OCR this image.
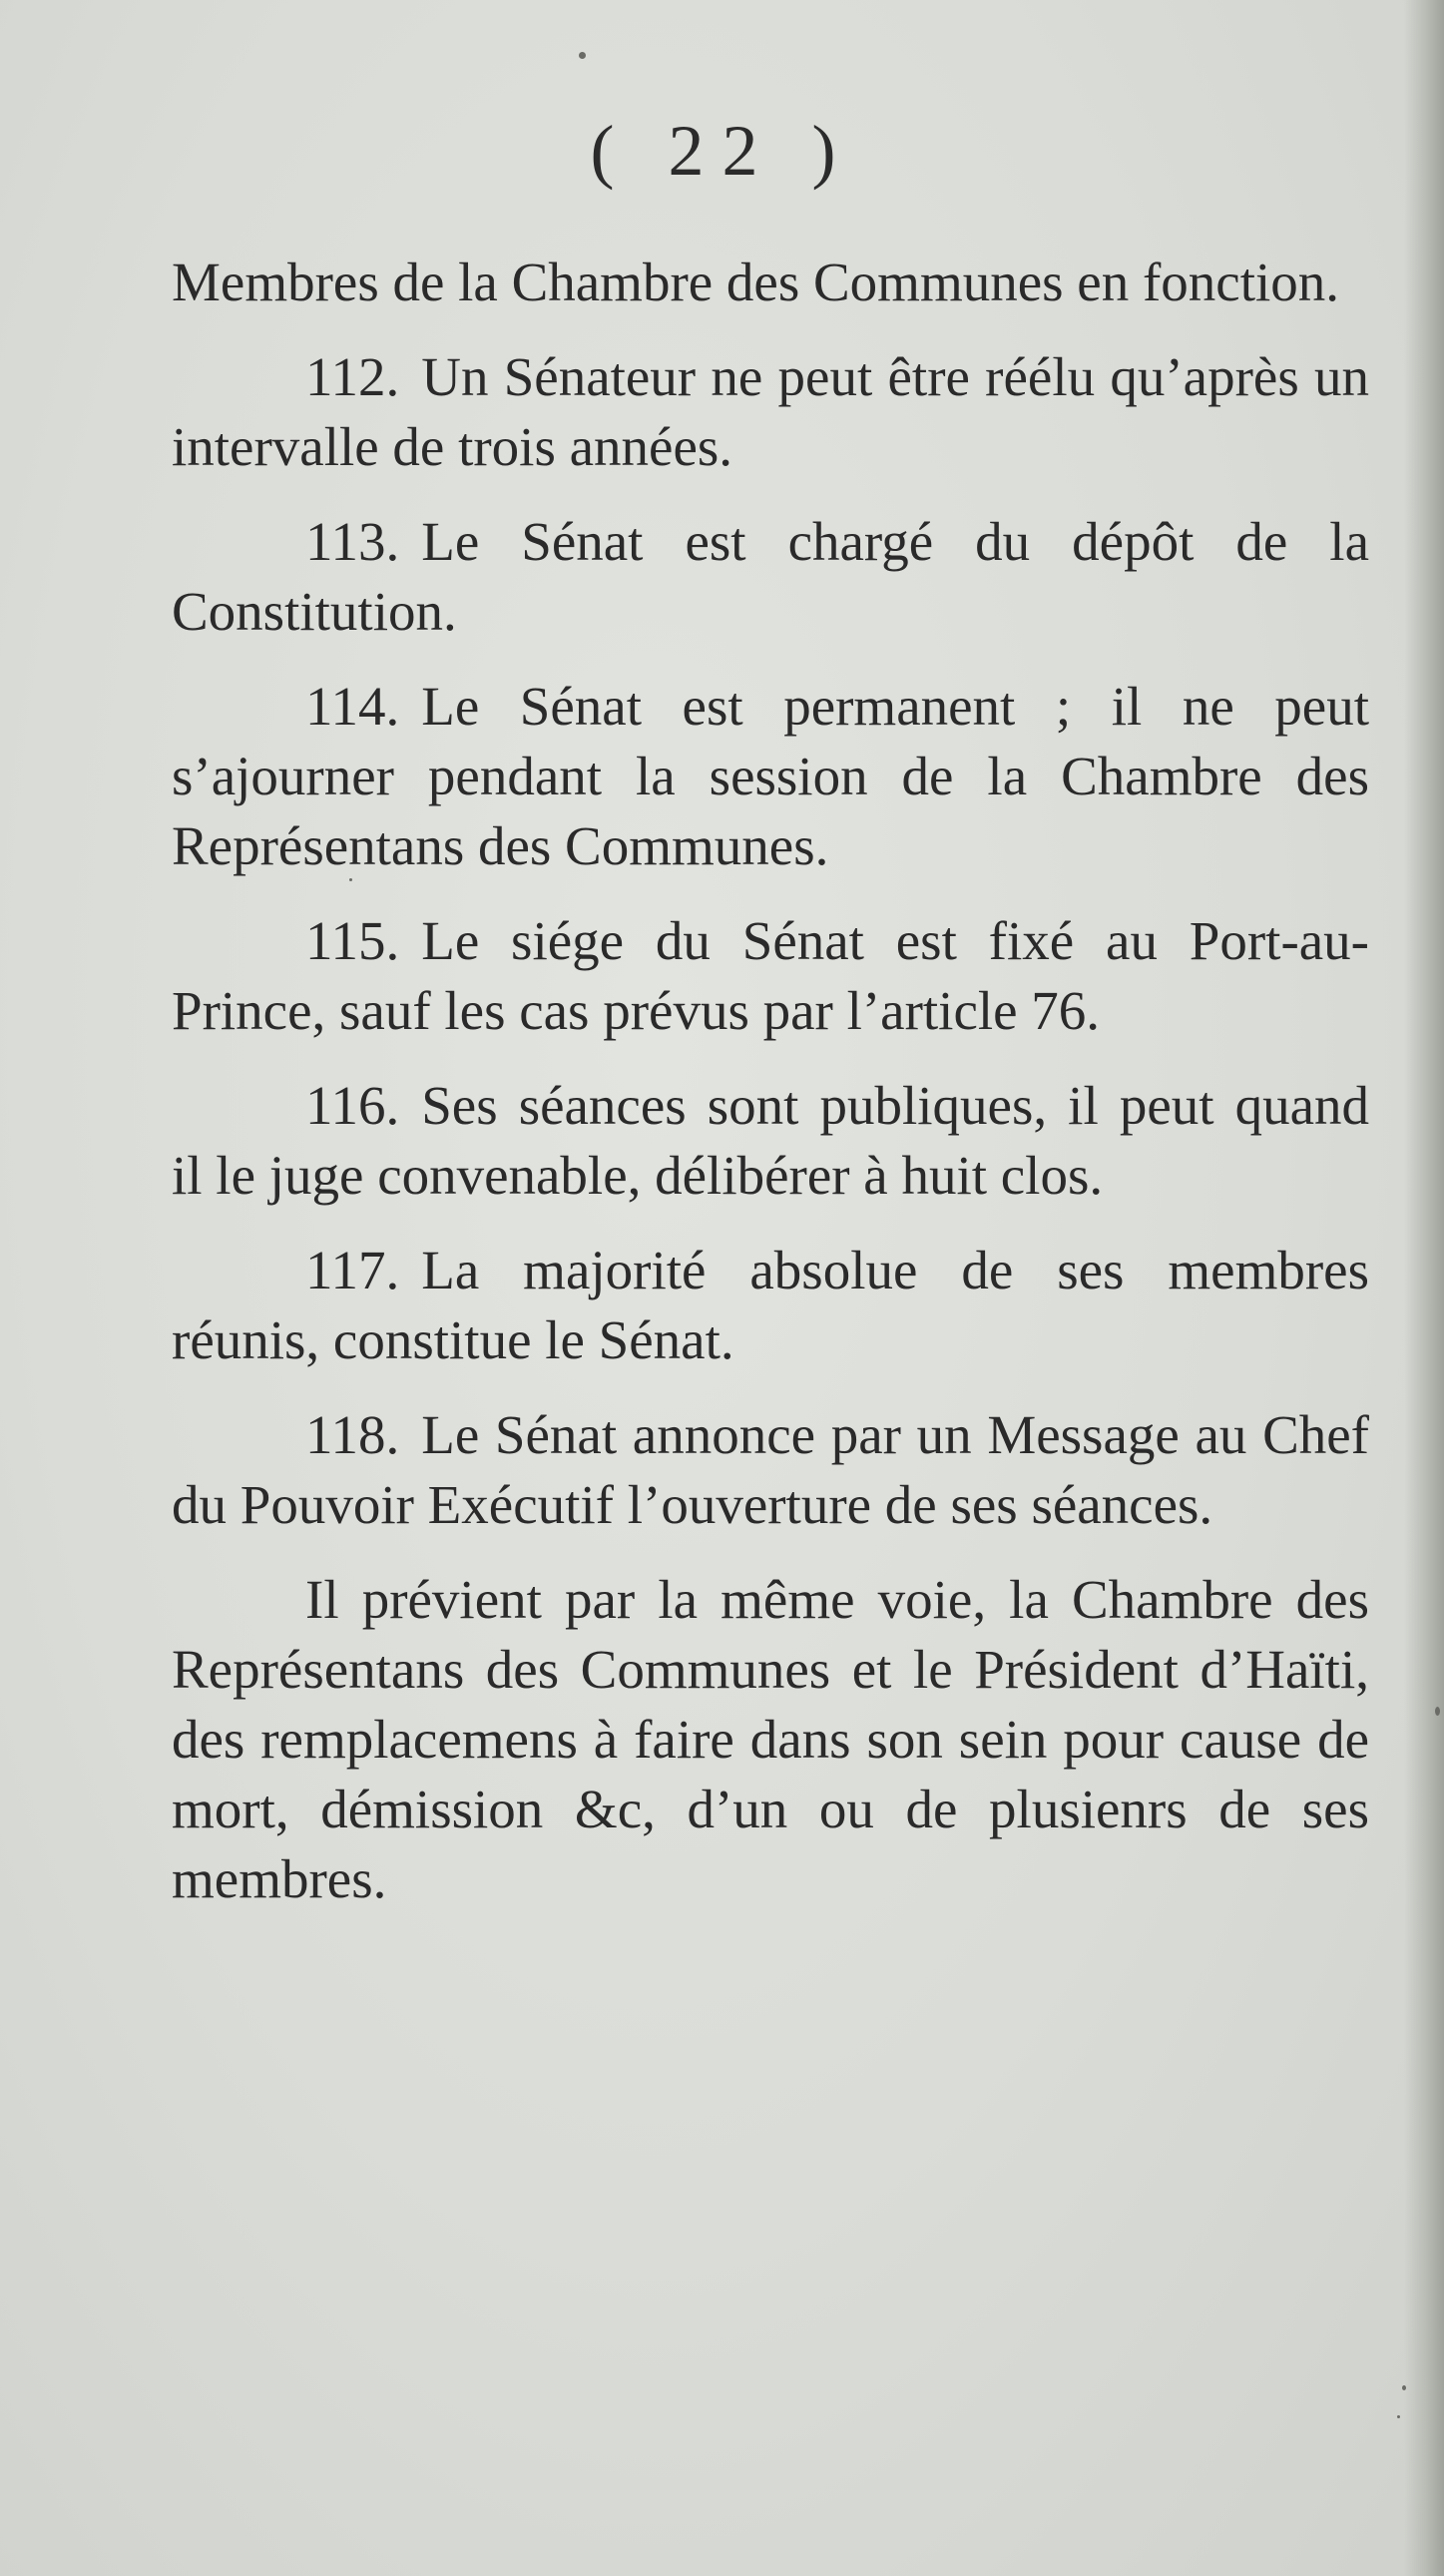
( 22 )

Membres de la Chambre des Communes en fonction.

112. Un Sénateur ne peut être réélu qu’après un intervalle de trois années.

113. Le Sénat est chargé du dépôt de la Constitution.

114. Le Sénat est permanent ; il ne peut s’ajourner pendant la session de la Chambre des Représentans des Communes.

115. Le siége du Sénat est fixé au Port-au-Prince, sauf les cas prévus par l’article 76.

116. Ses séances sont publiques, il peut quand il le juge convenable, délibérer à huit clos.

117. La majorité absolue de ses membres réunis, constitue le Sénat.

118. Le Sénat annonce par un Message au Chef du Pouvoir Exécutif l’ouverture de ses séances.

Il prévient par la même voie, la Chambre des Représentans des Communes et le Président d’Haïti, des remplacemens à faire dans son sein pour cause de mort, démission &c, d’un ou de plusienrs de ses membres.
